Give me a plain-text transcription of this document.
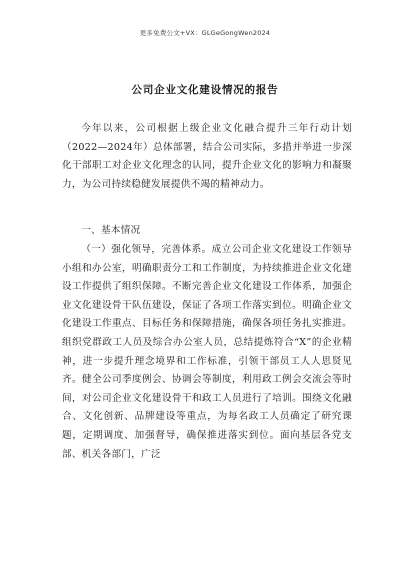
更多免费公文+VX：GLGeGongWen2024
公司企业文化建设情况的报告

今年以来，公司根据上级企业文化融合提升三年行动计划（2022—2024年）总体部署，结合公司实际，多措并举进一步深化干部职工对企业文化理念的认同，提升企业文化的影响力和凝聚力，为公司持续稳健发展提供不竭的精神动力。

一、基本情况

（一）强化领导，完善体系。成立公司企业文化建设工作领导小组和办公室，明确职责分工和工作制度，为持续推进企业文化建设工作提供了组织保障。不断完善企业文化建设工作体系，加强企业文化建设骨干队伍建设，保证了各项工作落实到位。明确企业文化建设工作重点、目标任务和保障措施，确保各项任务扎实推进。组织党群政工人员及综合办公室人员，总结提炼符合“X”的企业精神，进一步提升理念境界和工作标准，引领干部员工人人思贤见齐。健全公司季度例会、协调会等制度，利用政工例会交流会等时间，对公司企业文化建设骨干和政工人员进行了培训。围绕文化融合、文化创新、品牌建设等重点，为每名政工人员确定了研究课题，定期调度、加强督导，确保推进落实到位。面向基层各党支部、机关各部门，广泛
